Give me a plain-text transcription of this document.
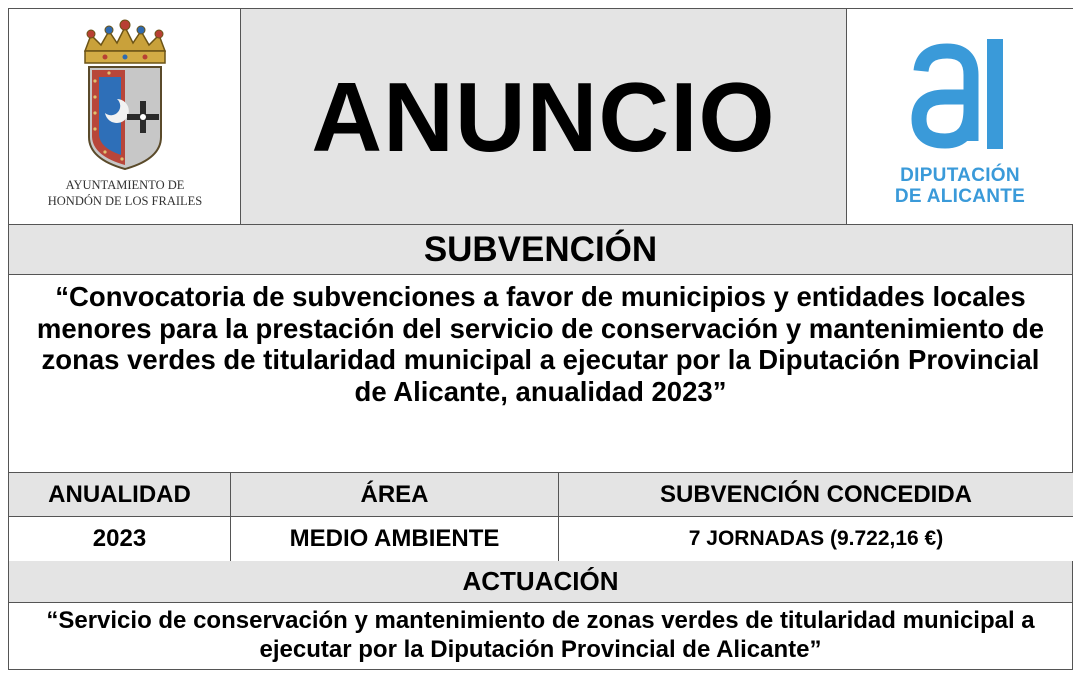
AYUNTAMIENTO DE
HONDÓN DE LOS FRAILES
ANUNCIO
DIPUTACIÓN
DE ALICANTE
SUBVENCIÓN
“Convocatoria de subvenciones a favor de municipios y entidades locales menores para la prestación del servicio de conservación y mantenimiento de zonas verdes de titularidad municipal a ejecutar por la Diputación Provincial de Alicante, anualidad 2023”
ANUALIDAD	ÁREA	SUBVENCIÓN CONCEDIDA
2023	MEDIO AMBIENTE	7 JORNADAS (9.722,16 €)
ACTUACIÓN
“Servicio de conservación y mantenimiento de zonas verdes de titularidad municipal a ejecutar por la Diputación Provincial de Alicante”
